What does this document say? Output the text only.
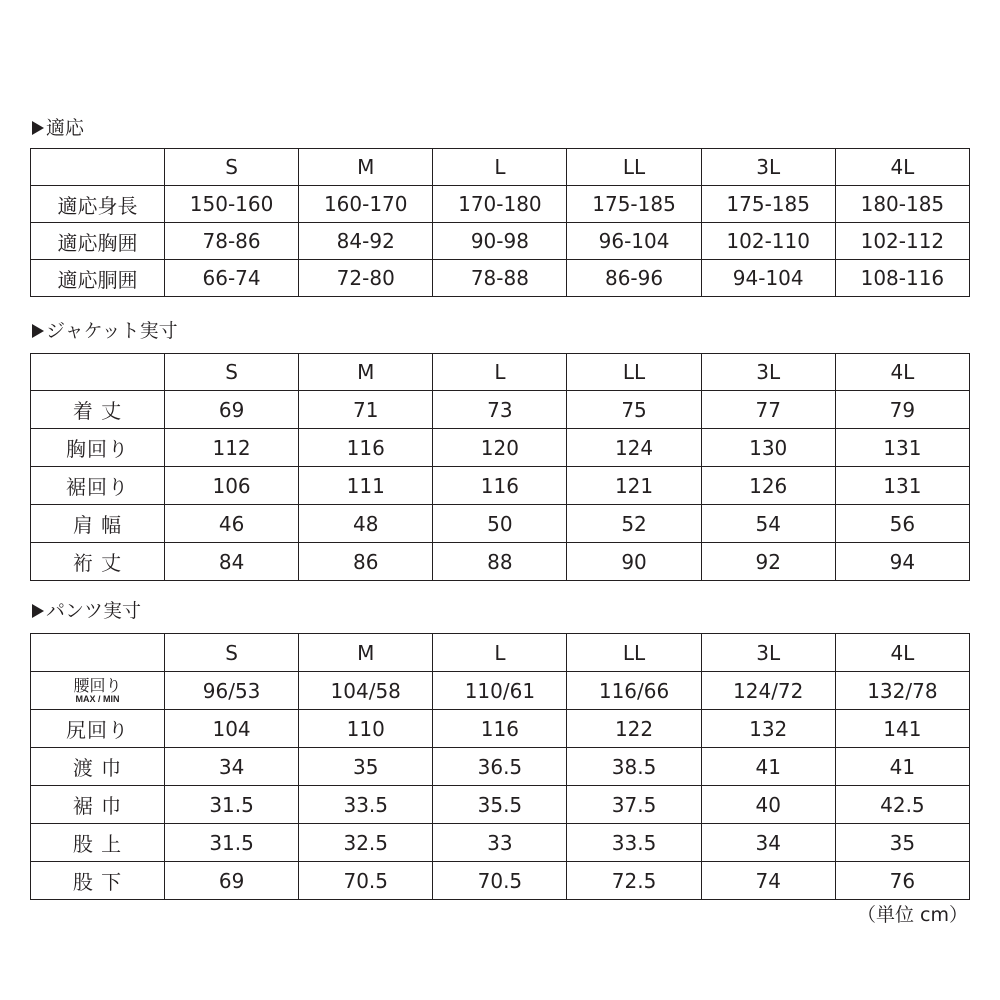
適応
	S	M	L	LL	3L	4L
適応身長	150-160	160-170	170-180	175-185	175-185	180-185
適応胸囲	78-86	84-92	90-98	96-104	102-110	102-112
適応胴囲	66-74	72-80	78-88	86-96	94-104	108-116
ジャケット実寸
	S	M	L	LL	3L	4L
着 丈	69	71	73	75	77	79
胸回り	112	116	120	124	130	131
裾回り	106	111	116	121	126	131
肩 幅	46	48	50	52	54	56
裄 丈	84	86	88	90	92	94
パンツ実寸
	S	M	L	LL	3L	4L

腰回り
MAX / MIN	96/53	104/58	110/61	116/66	124/72	132/78
尻回り	104	110	116	122	132	141
渡 巾	34	35	36.5	38.5	41	41
裾 巾	31.5	33.5	35.5	37.5	40	42.5
股 上	31.5	32.5	33	33.5	34	35
股 下	69	70.5	70.5	72.5	74	76
（単位 cm）
